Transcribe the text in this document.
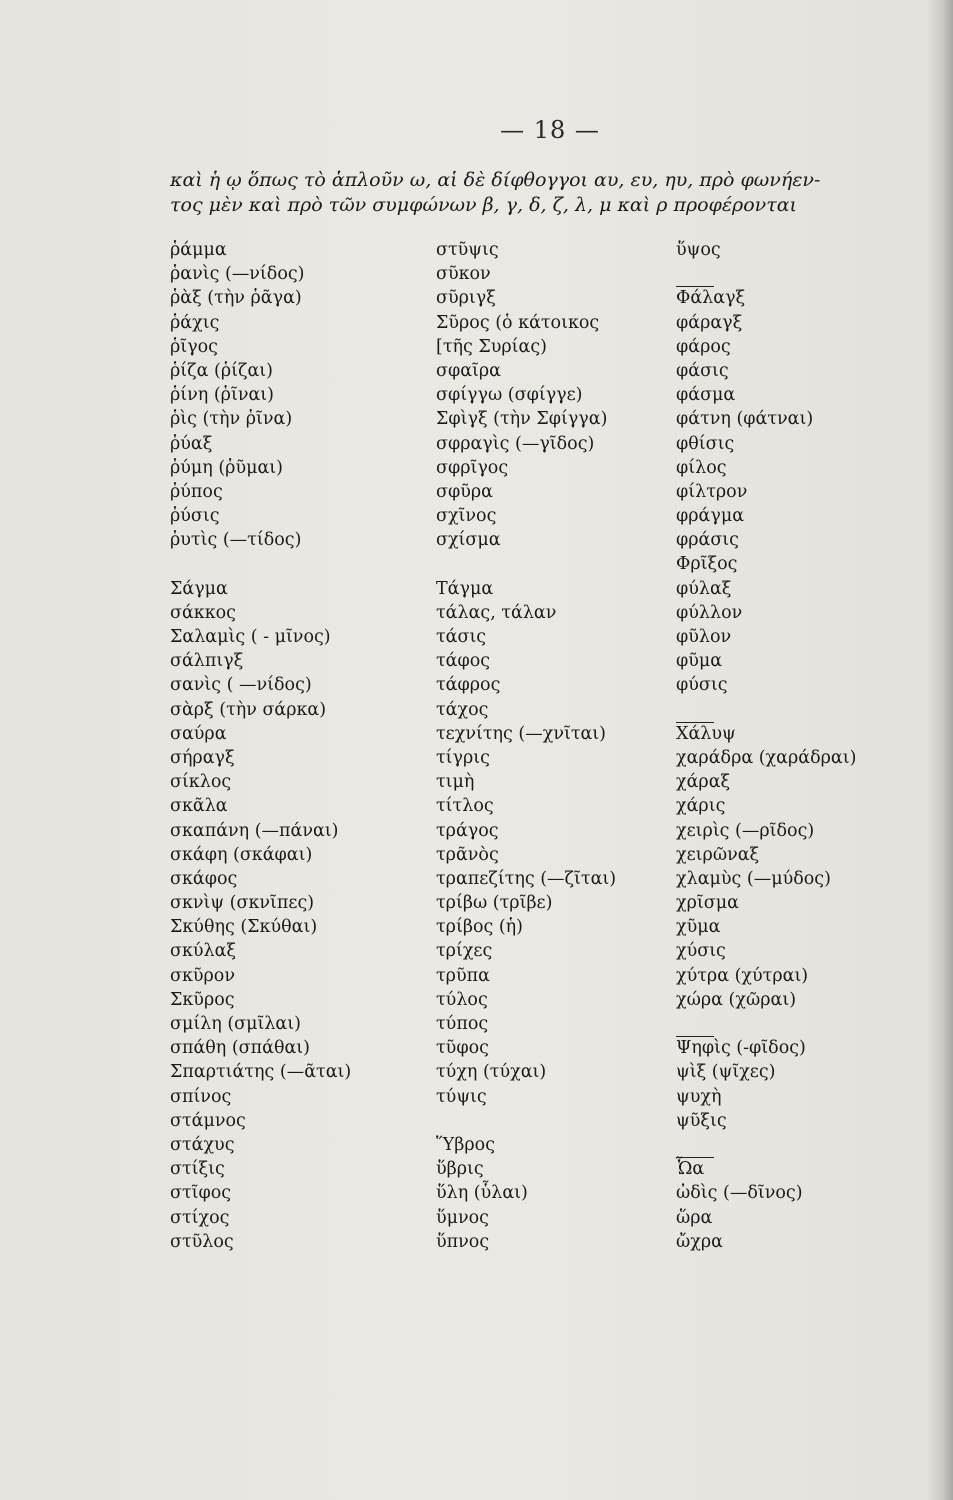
— 18 —
καὶ ἡ ῳ ὅπως τὸ ἁπλοῦν ω, αἱ δὲ δίφθογγοι αυ, ευ, ηυ, πρὸ φωνήεν-
τος μὲν καὶ πρὸ τῶν συμφώνων β, γ, δ, ζ, λ, μ καὶ ρ προφέρονται
ῥάμμα
ῥανὶς (—νίδος)
ῥὰξ (τὴν ῥᾶγα)
ῥάχις
ῥῖγος
ῥίζα (ῥίζαι)
ῥίνη (ῥῖναι)
ῥὶς (τὴν ῥῖνα)
ῥύαξ
ῥύμη (ῥῦμαι)
ῥύπος
ῥύσις
ῥυτὶς (—τίδος)
Σάγμα
σάκκος
Σαλαμὶς ( - μῖνος)
σάλπιγξ
σανὶς ( —νίδος)
σὰρξ (τὴν σάρκα)
σαύρα
σήραγξ
σίκλος
σκᾶλα
σκαπάνη (—πάναι)
σκάφη (σκάφαι)
σκάφος
σκνὶψ (σκνῖπες)
Σκύθης (Σκύθαι)
σκύλαξ
σκῦρον
Σκῦρος
σμίλη (σμῖλαι)
σπάθη (σπάθαι)
Σπαρτιάτης (—ᾶται)
σπίνος
στάμνος
στάχυς
στίξις
στῖφος
στίχος
στῦλος
στῦψις
σῦκον
σῦριγξ
Σῦρος (ὁ κάτοικος
[τῆς Συρίας)
σφαῖρα
σφίγγω (σφίγγε)
Σφὶγξ (τὴν Σφίγγα)
σφραγὶς (—γῖδος)
σφρῖγος
σφῦρα
σχῖνος
σχίσμα
Τάγμα
τάλας, τάλαν
τάσις
τάφος
τάφρος
τάχος
τεχνίτης (—χνῖται)
τίγρις
τιμὴ
τίτλος
τράγος
τρᾶνὸς
τραπεζίτης (—ζῖται)
τρίβω (τρῖβε)
τρίβος (ἡ)
τρίχες
τρῦπα
τύλος
τύπος
τῦφος
τύχη (τύχαι)
τύψις
Ὕβρος
ὕβρις
ὕλη (ὗλαι)
ὕμνος
ὕπνος
ὕψος
Φάλαγξ
φάραγξ
φάρος
φάσις
φάσμα
φάτνη (φάτναι)
φθίσις
φίλος
φίλτρον
φράγμα
φράσις
Φρῖξος
φύλαξ
φύλλον
φῦλον
φῦμα
φύσις
Χάλυψ
χαράδρα (χαράδραι)
χάραξ
χάρις
χειρὶς (—ρῖδος)
χειρῶναξ
χλαμὺς (—μύδος)
χρῖσμα
χῦμα
χύσις
χύτρα (χύτραι)
χώρα (χῶραι)
Ψηφὶς (-φῖδος)
ψὶξ (ψῖχες)
ψυχὴ
ψῦξις
Ὦα
ὠδὶς (—δῖνος)
ὥρα
ὤχρα
